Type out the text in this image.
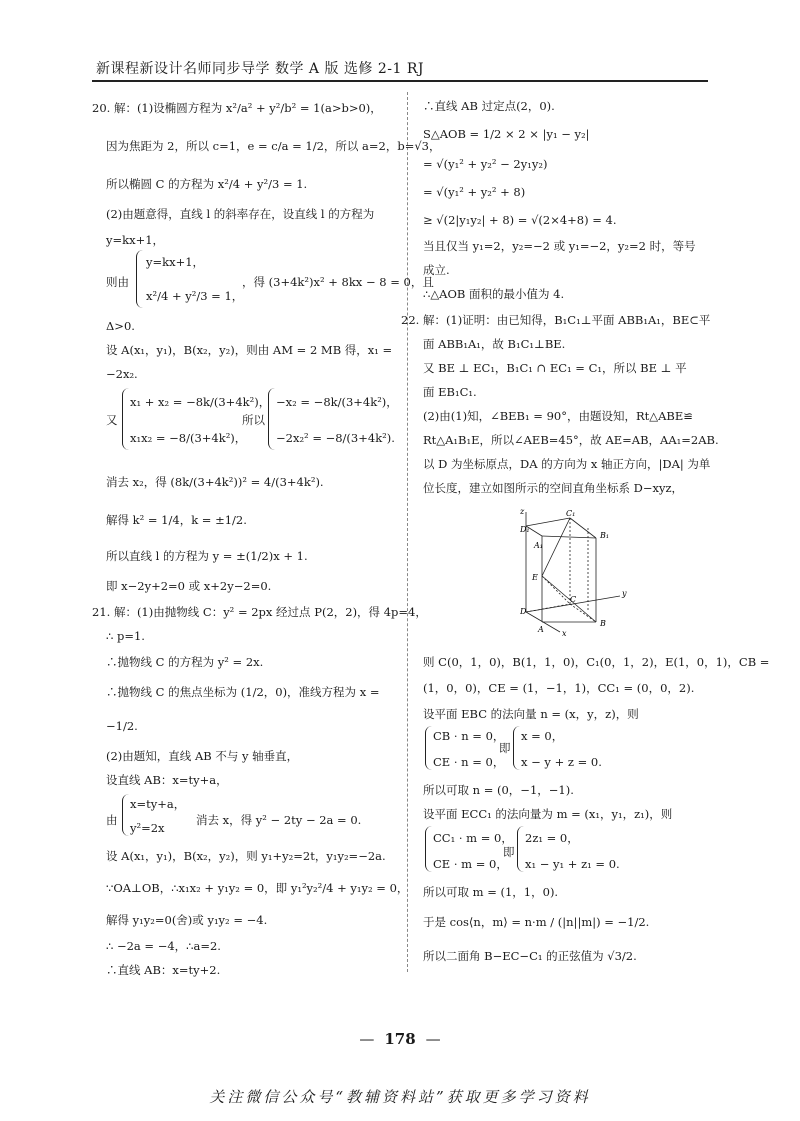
新课程新设计名师同步导学 数学 A 版 选修 2-1 RJ
20. 解：(1)设椭圆方程为 x²/a² + y²/b² = 1(a>b>0)，
因为焦距为 2，所以 c=1，e = c/a = 1/2，所以 a=2，b=√3，
所以椭圆 C 的方程为 x²/4 + y²/3 = 1.
(2)由题意得，直线 l 的斜率存在，设直线 l 的方程为
y=kx+1，
则由
y=kx+1，
x²/4 + y²/3 = 1，
，得 (3+4k²)x² + 8kx − 8 = 0，且
Δ>0.
设 A(x₁，y₁)，B(x₂，y₂)，则由 AM = 2 MB 得，x₁ =
−2x₂.
又
x₁ + x₂ = −8k/(3+4k²)，
x₁x₂ = −8/(3+4k²)，
所以
−x₂ = −8k/(3+4k²)，
−2x₂² = −8/(3+4k²).
消去 x₂，得 (8k/(3+4k²))² = 4/(3+4k²).
解得 k² = 1/4，k = ±1/2.
所以直线 l 的方程为 y = ±(1/2)x + 1.
即 x−2y+2=0 或 x+2y−2=0.
21. 解：(1)由抛物线 C：y² = 2px 经过点 P(2，2)，得 4p=4，
∴ p=1.
∴抛物线 C 的方程为 y² = 2x.
∴抛物线 C 的焦点坐标为 (1/2，0)，准线方程为 x =
−1/2.
(2)由题知，直线 AB 不与 y 轴垂直，
设直线 AB：x=ty+a，
由
x=ty+a，
y²=2x
消去 x，得 y² − 2ty − 2a = 0.
设 A(x₁，y₁)，B(x₂，y₂)，则 y₁+y₂=2t，y₁y₂=−2a.
∵OA⊥OB，∴x₁x₂ + y₁y₂ = 0，即 y₁²y₂²/4 + y₁y₂ = 0，
解得 y₁y₂=0(舍)或 y₁y₂ = −4.
∴ −2a = −4，∴a=2.
∴直线 AB：x=ty+2.
∴直线 AB 过定点(2，0).
S△AOB = 1/2 × 2 × |y₁ − y₂|
= √(y₁² + y₂² − 2y₁y₂)
= √(y₁² + y₂² + 8)
≥ √(2|y₁y₂| + 8) = √(2×4+8) = 4.
当且仅当 y₁=2，y₂=−2 或 y₁=−2，y₂=2 时，等号
成立.
∴△AOB 面积的最小值为 4.
22. 解：(1)证明：由已知得，B₁C₁⊥平面 ABB₁A₁，BE⊂平
面 ABB₁A₁，故 B₁C₁⊥BE.
又 BE ⊥ EC₁，B₁C₁ ∩ EC₁ = C₁，所以 BE ⊥ 平
面 EB₁C₁.
(2)由(1)知，∠BEB₁ = 90°，由题设知，Rt△ABE≌
Rt△A₁B₁E，所以∠AEB=45°，故 AE=AB，AA₁=2AB.
以 D 为坐标原点，DA 的方向为 x 轴正方向，|DA| 为单
位长度，建立如图所示的空间直角坐标系 D−xyz，
则 C(0，1，0)，B(1，1，0)，C₁(0，1，2)，E(1，0，1)，CB =
(1，0，0)，CE = (1，−1，1)，CC₁ = (0，0，2).
设平面 EBC 的法向量 n = (x，y，z)，则
CB · n = 0，
CE · n = 0，
即
x = 0，
x − y + z = 0.
所以可取 n = (0，−1，−1).
设平面 ECC₁ 的法向量为 m = (x₁，y₁，z₁)，则
CC₁ · m = 0，
CE · m = 0，
即
2z₁ = 0，
x₁ − y₁ + z₁ = 0.
所以可取 m = (1，1，0).
于是 cos⟨n，m⟩ = n·m / (|n||m|) = −1/2.
所以二面角 B−EC−C₁ 的正弦值为 √3/2.
z	C₁
B₁
D₁
A₁
E
y
D
C
A
B
x
— 178 —
关注微信公众号“教辅资料站”获取更多学习资料
